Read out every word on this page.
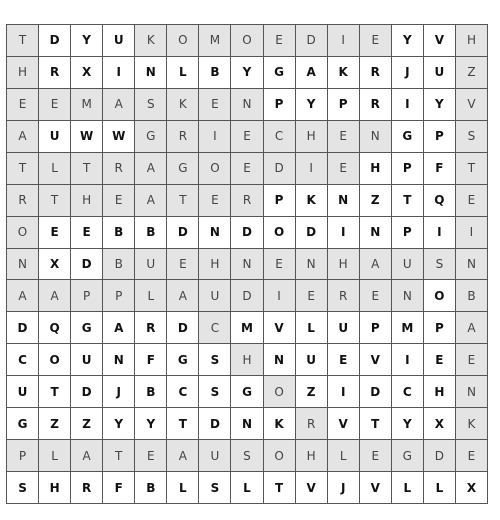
T	D	Y	U	K	O	M	O	E	D	I	E	Y	V	H
H	R	X	I	N	L	B	Y	G	A	K	R	J	U	Z
E	E	M	A	S	K	E	N	P	Y	P	R	I	Y	V
A	U	W	W	G	R	I	E	C	H	E	N	G	P	S
T	L	T	R	A	G	O	E	D	I	E	H	P	F	T
R	T	H	E	A	T	E	R	P	K	N	Z	T	Q	E
O	E	E	B	B	D	N	D	O	D	I	N	P	I	I
N	X	D	B	U	E	H	N	E	N	H	A	U	S	N
A	A	P	P	L	A	U	D	I	E	R	E	N	O	B
D	Q	G	A	R	D	C	M	V	L	U	P	M	P	A
C	O	U	N	F	G	S	H	N	U	E	V	I	E	E
U	T	D	J	B	C	S	G	O	Z	I	D	C	H	N
G	Z	Z	Y	Y	T	D	N	K	R	V	T	Y	X	K
P	L	A	T	E	A	U	S	O	H	L	E	G	D	E
S	H	R	F	B	L	S	L	T	V	J	V	L	L	X
